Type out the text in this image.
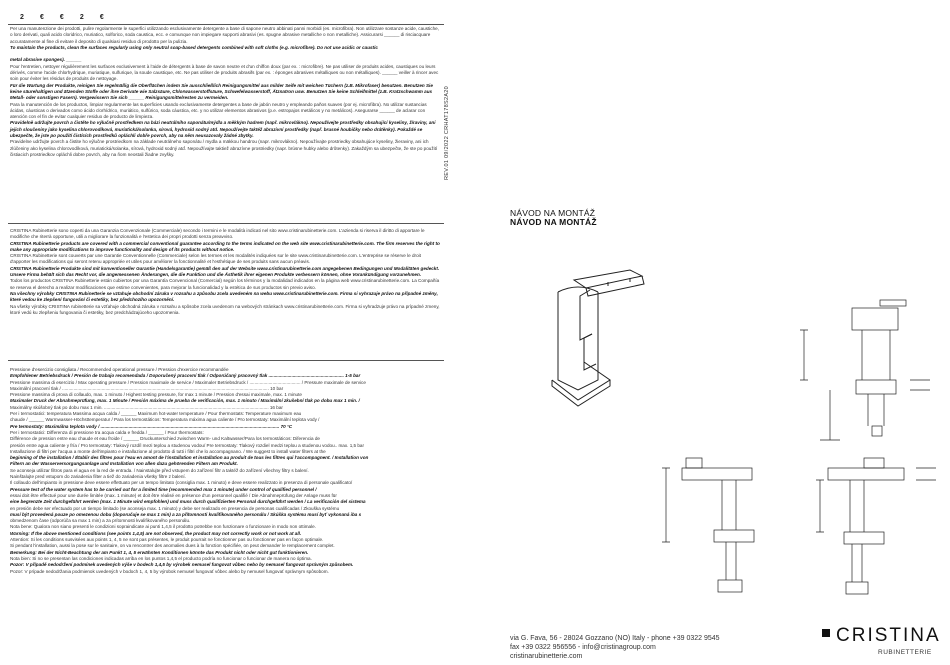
2 € € 2 €

Per una manutenzione dei prodotti, pulire regolarmente le superfici utilizzando esclusivamente detergente a base di sapone neutro abbinati panni morbidi (es. microfibra). Non utilizzare sostanze acide, caustiche, o loro derivati, quali acido cloridrico, muriatico, solforico, soda caustica, ecc. e comunque non impiegare supporti abrasivi (es. spugne abrasive metalliche o non metalliche). Assicurarsi ______ di risciacquare accuratamente al fine di evitare il deposito di qualsiasi residuo di prodotto per la pulizia.

To maintain the products, clean the surfaces regularly using only neutral soap-based detergents combined with soft cloths (e.g. microfibre). Do not use acidic or caustic

metal abrasive sponges). ______

Pour l'entretien, nettoyer régulièrement les surfaces exclusivement à l'aide de détergents à base de savon neutre et d'un chiffon doux (par ex. : microfibre). Ne pas utiliser de produits acides, caustiques ou leurs dérivés, comme l'acide chlorhydrique, muriatique, sulfurique, la soude caustique, etc. Ne pas utiliser de produits abrasifs (par ex. : éponges abrasives métalliques ou non métalliques). ______ veiller à rincer avec soin pour éviter les résidus de produits de nettoyage.

Für die Wartung der Produkte, reinigen Sie regelmäßig die Oberflächen indem Sie ausschließlich Reinigungsmittel aus milder Seife mit weichen Tüchern (z.B. Mikrofaser) benutzen. Benutzen Sie keine säurehaltigen und ätzenden Stoffe oder ihre Derivate wie Salzsäure, Chlorwasserstoffsäure, Schwefelwasserstoff, Ätznatron usw. Benutzen Sie keine Schleifmittel (z.B. Kratzschwamm aus Metall- oder sonstigen Fasern). Vergewissern Sie sich ______ Reinigungsmittelresten zu vermeiden.

Para la manutención de los productos, limpiar regularmente las superficies usando exclusivamente detergentes a base de jabón neutro y empleando paños suaves (por ej. microfibra). No utilizar sustancias ácidas, cáusticas o derivados como ácido clorhídrico, muriático, sulfúrico, soda cáustica, etc. y no utilizar elementos abrasivos (p.e. estropajos metálicos y no metálicos). Asegurarse ______ de aclarar con atención con el fin de evitar cualquier residuo de producto de limpieza.

Pravidelně udržujte povrch a čistěte ho výlučně prostředkem na bázi neutrálního saponátu/mýdla a měkkým hadrem (např. mikrovlákno). Nepoužívejte prostředky obsahující kyseliny, žíraviny, ani jejich sloučeniny jako kyselina chlorovodíková, muriatická/solanka, sírová, hydroxid sodný atd. Nepoužívejte taktéž abrazivní prostředky (např. brusné houbičky nebo drátěnky). Pokaždé se ubezpečte, že jste po použití čistících prostředků opláchli dobře povrch, aby na něm neusazovaly žádné zbytky.

Pravidelne udržujte povrch a čistite ho výlučne prostriedkom na základe neutrálneho saponátu / mydla a mäkkou handrou (napr. mikrovlákno). Nepoužívajte prostriedky obsahujúce kyseliny, žieraviny, ani ich zlúčeniny ako kyselina chlorovodíková, muriatická/solanka, sírová, hydroxid sodný atď. Nepoužívajte taktiež abrazívne prostriedky (napr. brúsne hubky alebo drôtenky). Zakaždým sa ubezpečte, že ste po použití čistiacich prostriedkov opláchli dobre povrch, aby na ňom neostali žiadne zvyšky.

CRISTINA Rubinetterie sono coperti da una Garanzia Convenzionale (Commerciale) secondo i termini e le modalità indicati nel sito www.cristinarubinetterie.com. L'azienda si riserva il diritto di apportare le modifiche che riterrà opportune, utili a migliorare la funzionalità e l'estetica dei propri prodotti senza preavviso.

CRISTINA Rubinetterie products are covered with a commercial conventional guarantee according to the terms indicated on the web site www.cristinarubinetterie.com. The firm reserves the right to make any appropriate modifications to improve functionality and design of its products without notice.

CRISTINA Rubinetterie sont couverts par une Garantie Conventionnelle (Commerciale) selon les termes et les modalités indiquées sur le site www.cristinarubinetterie.com. L'entreprise se réserve le droit d'apporter les modifications qui seront retenu appropriée et utiles pour améliorer la fonctionnalité et l'esthétique de ses produits sans aucun préavis.

CRISTINA Rubinetterie Produkte sind mit konventioneller Garantie (Handelsgarantie) gemäß den auf der Website www.cristinarubinetterie.com angegebenen Bedingungen und Modalitäten gedeckt. Unsere Firma behält sich das Recht vor, die angemessenen Änderungen, die die Funktion und die Ästhetik ihrer eigenen Produkte verbessern können, ohne Vorankündigung vorzunehmen.

Todos los productos CRISTINA Rubinetterie están cubiertos por una Garantía Convencional (Comercial) según los términos y la modalidad indicados en la página web www.cristinarubinetterie.com. La Compañía se reserva el derecho a realizar modificaciones que estime convenientes, para mejorar la funcionalidad y la estética de sus productos sin previo aviso.

Na všechny výrobky CRISTINA Rubinetterie se vztahuje obchodní záruka v rozsahu a způsobu zcela uvedeném na webu www.cristinarubinetterie.com. Firma si vyhrazuje právo na případné změny, které vedou ke zlepšení fungování či estetiky, bez předchozího upozornění.

Na všetky výrobky CRISTINA rubinetterie sa vzťahuje obchodná záruka v rozsahu a spôsobe zcela uvedenom na webových stránkach www.cristinarubinetterie.com. Firma si vyhradzuje právo na prípadné zmeny, ktoré vedú ku zlepšeniu fungovania či estetiky, bez predchádzajúceho upozornenia.

Pressione d'esercizio consigliata / Recommended operational pressure / Pression d'exercice recommandée

Empfohlener Betriebsdruck / Presión de trabajo recomendada / Doporučený pracovní tlak / Odporúčaný pracovný tlak ........................................................... 1-5 bar

Pressione massima di esercizio / Max operating pressure / Pression maximale de service / Maximaler Betriebsdruck / ........................................ / Pressure maximale de service

Maximální pracovní tlak / .................................................................................................................................................................. 10 bar

Pressione massima di prova di collaudo, max. 1 minuto / Highest testing pressure, for max 1 minute / Pression d'essai maximale, max. 1 minute

Maximaler Druck der Abnahmeprüfung, max. 1 Minute / Presión máxima de prueba de verificación, max. 1 minuto / Maximální zkušební tlak po dobu max 1 min. /

Maximálny skúšobný tlak po dobu max 1 min. ................................................................................................................................. 16 bar

Per i termostatici: temperatura Massima acqua calda / ______ Maximum hot-water temperature / Pour thermostats: Temperature maximum eau

chaude / ______ Warmwasser-Höchsttemperatur / Para los termostáticos: Temperatura máxima agua caliente / Pro termostaty: Maximální teplota vody /

Pre termostaty: Maximálna teplota vody / ............................................................................................................................................ 70 °C

Per i termostatici: Differenza di pressione tra acqua calda e fredda / ______ / Pour thermostats:

Différence de pression entre eau chaude et eau froide / ______ Druckunterschied zwischen Warm- und Kaltwasser/Para los termostáticos: Diferencia de

presión entre agua caliente y fría / Pro termostaty: Tlakový rozdíl mezi teplou a studenou vodou/ Pre termostaty: Tlakový rozdiel medzi teplou a studenou vodou.. max. 1,5 bar

Installazione di filtri per l'acqua a monte dell'impianto e installazione al prodotto di tutti i filtri che lo accompagnano. / We suggest to install water filters at the

beginning of the installation / Établir des filtres pour l'eau en amont de l'installation et installation au produit de tous les filtres qui l'accompagnent. / Installation von

Filtern an der Wasserversorgungsanlage und Installation von allen dazu gehörenden Filtern am Produkt.

Se aconseja utilizar filtros para el agua en la red de entrada. / Nainstalujte před vstupem do zařízení filtr a taktéž do zařízení všechny filtry s balení.

Nainštalujte pred vstupom do zariadenia filter a tiež do zariadenia všetky filtre z balení.

Il collaudo dell'impianto in pressione deve essere effettuato per un tempo limitato (consiglia max. 1 minuto) e deve essere realizzato in presenza di personale qualificato/

Pressure test of the water system has to be carried out for a limited time (recommended max 1 minute) under control of qualified personnel /

essai doit être effectué pour une durée limitée (max. 1 minute) et doit être réalisé en présence d'un personnel qualifié / Die Abnahmeprüfung der Anlage muss für

eine begrenzte Zeit durchgeführt werden (max. 1 Minute wird empfohlen) und muss durch qualifizierten Personal durchgeführt werden / La verificación del sistema

en presión debe ser efectuado por un tiempo limitado (se aconseja max. 1 minuto) y debe ser realizado en presencia de personas cualificadas / Zkouška systému

musí být provedená pouze po omezenou dobu (doporučuje se max 1 min) a za přítomnosti kvalifikovaného personálu / Skúška systému musí byť vykonaná iba s

obmedzenom čase (odporúča sa max 1 min) a za prítomnosti kvalifikovaného personálu.

Nota bene: Qualora non siano presenti le condizioni sopraindicate ai punti 1,4,5 il prodotto potrebbe non funzionare o funzionare in modo non ottimale.

Warning: If the above mentioned conditions (see points 1,4,5) are not observed, the product may not correctly work or not work at all.

Attention: Si les conditions susvisées aux points 1, 4, 5 ne sont pas présentes, le produit pourrait ne fonctionner pas ou fonctionner pas en façon optimale.

Si pendant l'installation, aussi la pose sur le sanitaire, on va rencontrer des anomalies dues à la fonction spécifiée, on peut demander le remplacement complet.

Bemerkung: Bei der Nicht-Beachtung der am Punkt 1, 4, 5 erwähnten Konditionen könnte das Produkt nicht oder nicht gut funktionieren.

Nota bien: Si no se presentan las condiciones indicadas arriba en los puntos 1,4,5 el producto podría no funcionar o funcionar de manera no óptima.

Pozor: V případě nedodržení podmínek uvedených výše v bodech 1,4,5 by výrobek nemusel fungovat vůbec nebo by nemusel fungovat správným způsobem.

Pozor: V prípade nedodržania podmienok uvedených v bodoch 1, 4, 5 by výrobok nemusel fungovať vôbec alebo by nemusel fungovať správnym spôsobom.

REV.01 09/2022 CRHAT178S2A20
NÁVOD NA MONTÁŽ
NÁVOD NA MONTÁŽ
via G. Fava, 56 - 28024 Gozzano (NO) Italy - phone +39 0322 9545
fax +39 0322 956556 - info@cristinagroup.com
cristinarubinetterie.com
CRISTINA
RUBINETTERIE
